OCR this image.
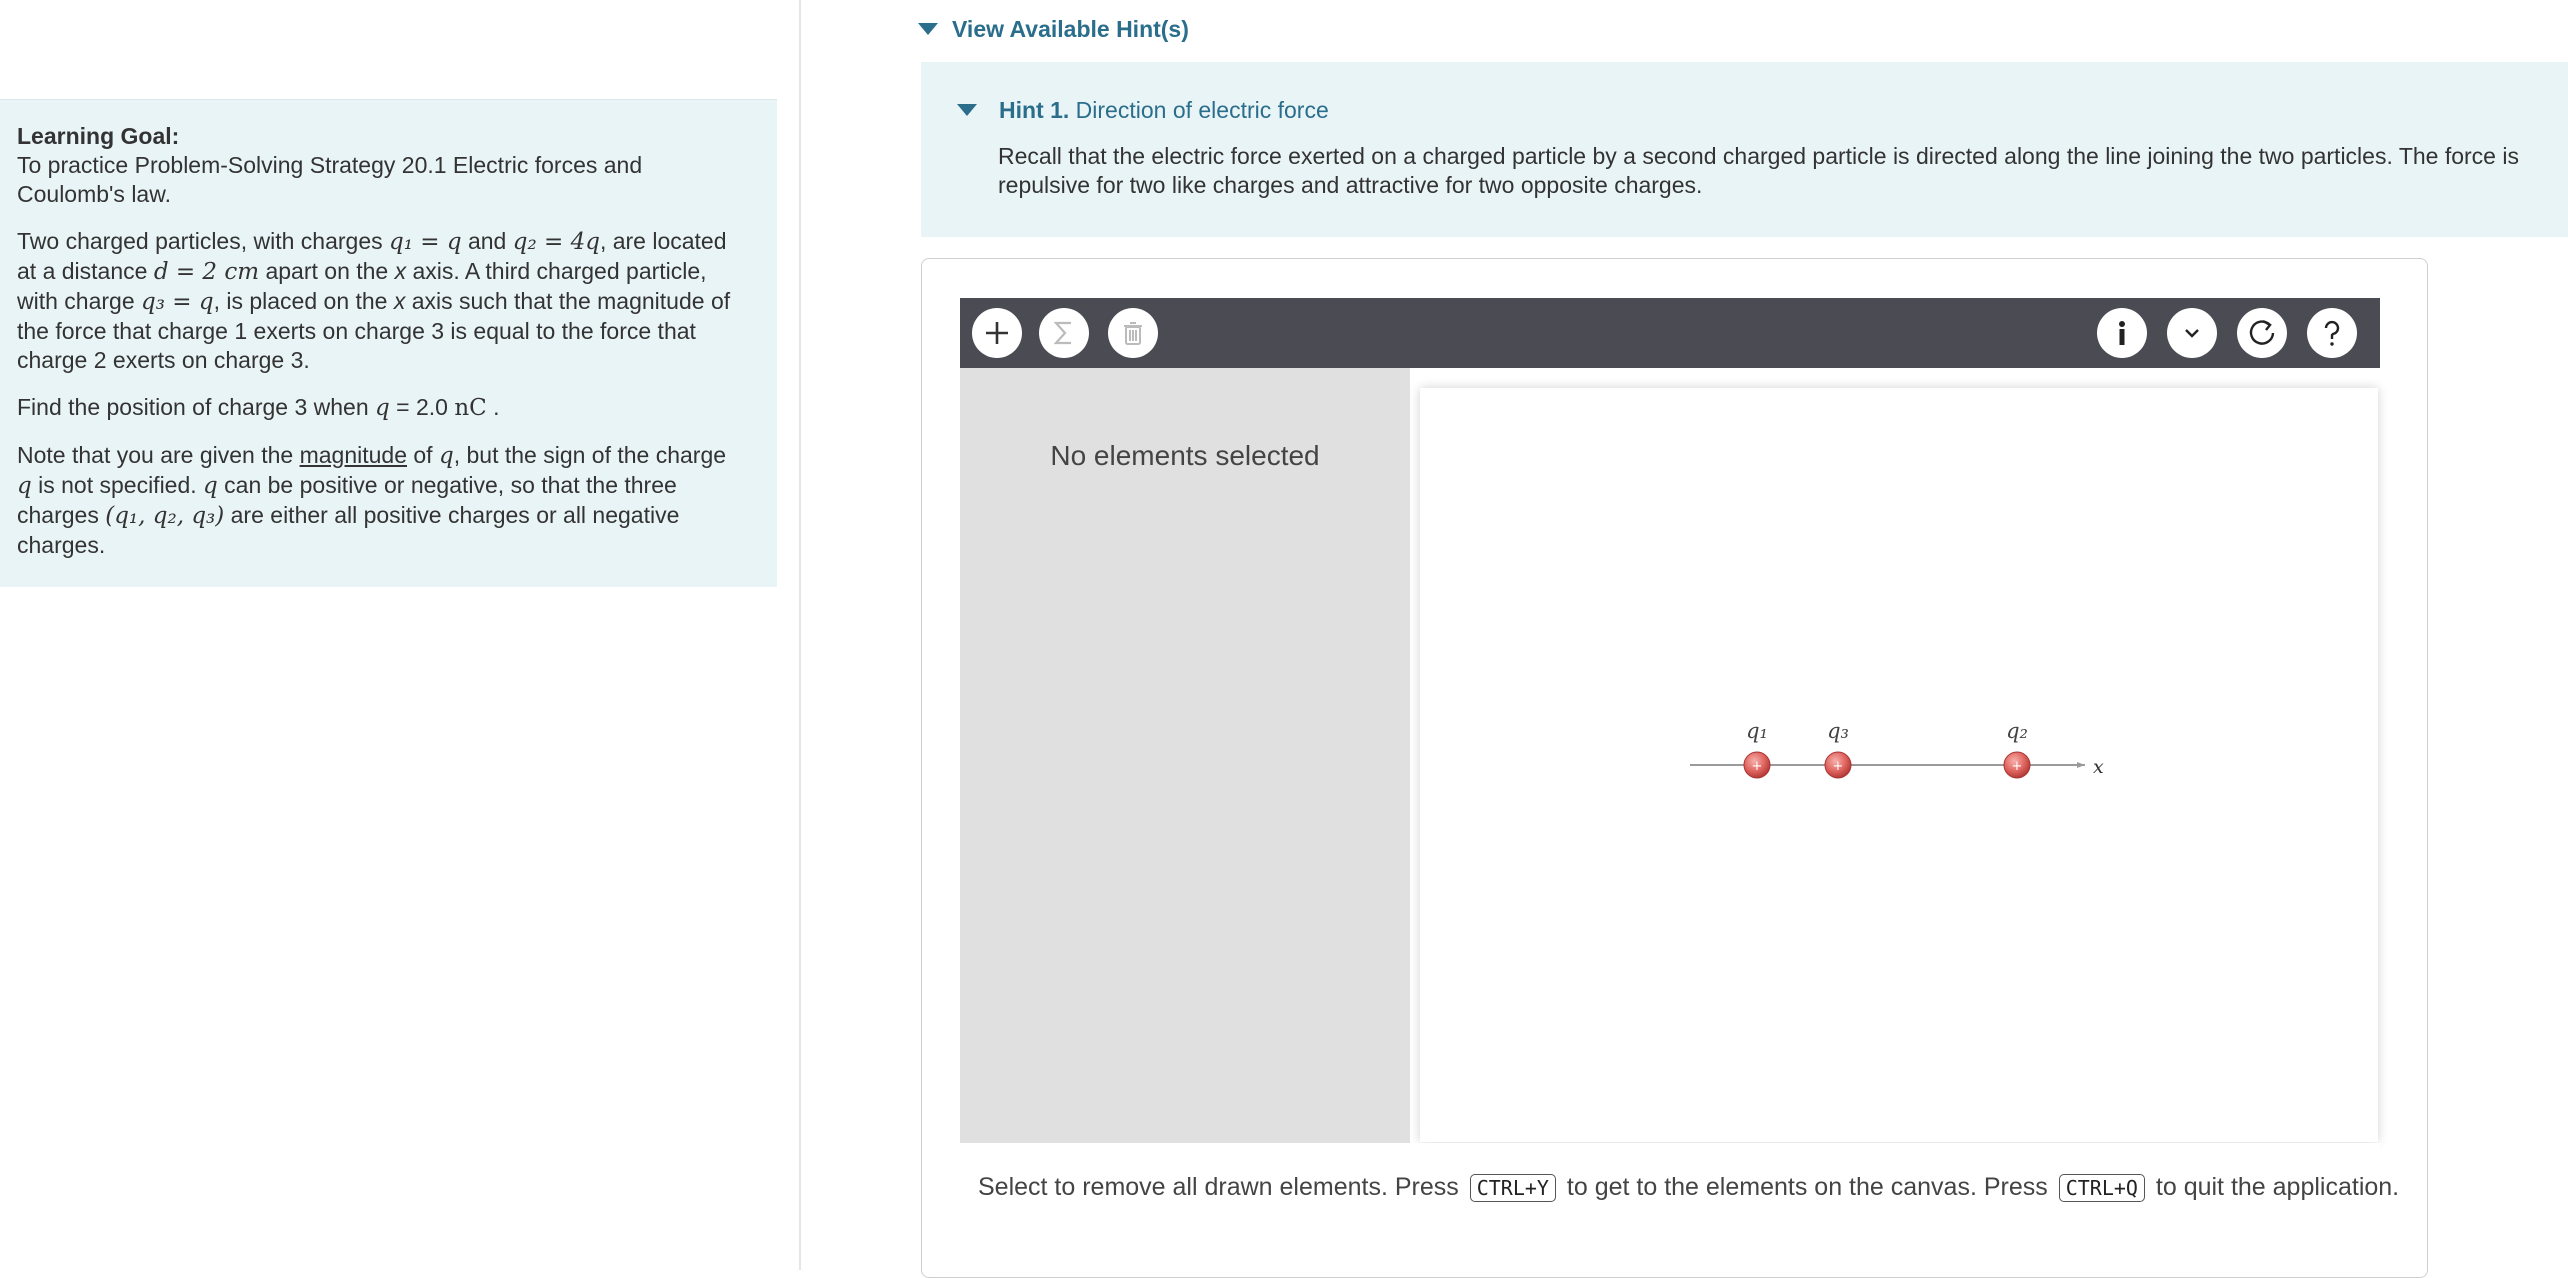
Learning Goal:

To practice Problem-Solving Strategy 20.1 Electric forces and

Coulomb's law.

Two charged particles, with charges q₁ = q and q₂ = 4q, are located
at a distance d = 2 cm apart on the x axis. A third charged particle,
with charge q₃ = q, is placed on the x axis such that the magnitude of
the force that charge 1 exerts on charge 3 is equal to the force that
charge 2 exerts on charge 3.

Find the position of charge 3 when q = 2.0 nC .

Note that you are given the magnitude of q, but the sign of the charge
q is not specified. q can be positive or negative, so that the three
charges (q₁, q₂, q₃) are either all positive charges or all negative
charges.

View Available Hint(s)
Hint 1. Direction of electric force
Recall that the electric force exerted on a charged particle by a second charged particle is directed along the line joining the two particles. The force is
repulsive for two like charges and attractive for two opposite charges.
No elements selected
x
+
q₁
+
q₃
+
q₂
Select to remove all drawn elements. Press CTRL+Y to get to the elements on the canvas. Press CTRL+Q to quit the application.
